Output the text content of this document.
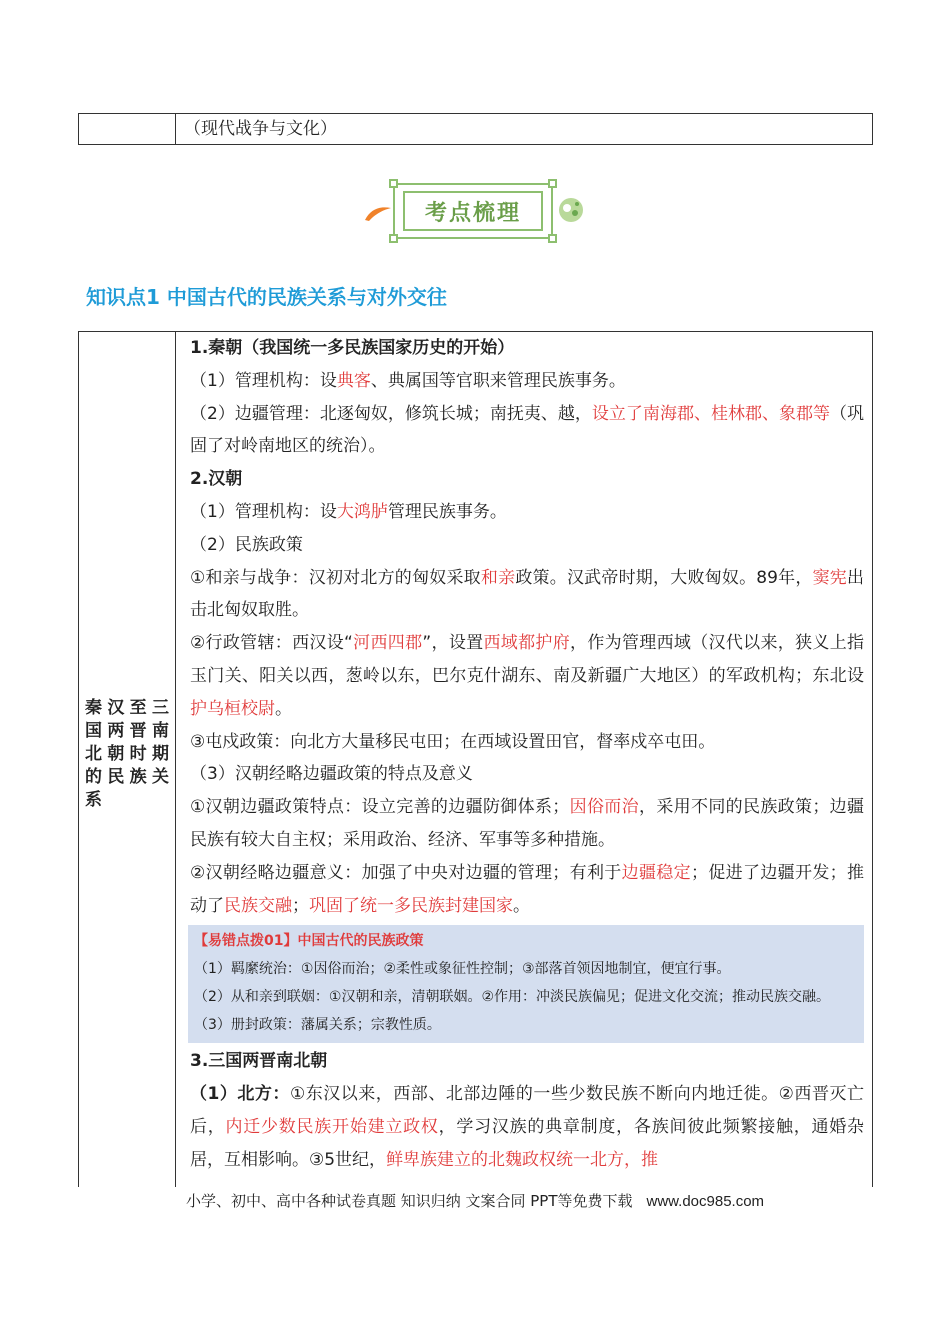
（现代战争与文化）
考点梳理
知识点1 中国古代的民族关系与对外交往
秦汉至三国两晋南北朝时期的民族关系

1.秦朝（我国统一多民族国家历史的开始）

（1）管理机构：设典客、典属国等官职来管理民族事务。

（2）边疆管理：北逐匈奴，修筑长城；南抚夷、越，设立了南海郡、桂林郡、象郡等（巩固了对岭南地区的统治）。

2.汉朝

（1）管理机构：设大鸿胪管理民族事务。

（2）民族政策

①和亲与战争：汉初对北方的匈奴采取和亲政策。汉武帝时期，大败匈奴。89年，窦宪出击北匈奴取胜。

②行政管辖：西汉设“河西四郡”，设置西域都护府，作为管理西域（汉代以来，狭义上指玉门关、阳关以西，葱岭以东，巴尔克什湖东、南及新疆广大地区）的军政机构；东北设护乌桓校尉。

③屯戍政策：向北方大量移民屯田；在西域设置田官，督率戍卒屯田。

（3）汉朝经略边疆政策的特点及意义

①汉朝边疆政策特点：设立完善的边疆防御体系；因俗而治，采用不同的民族政策；边疆民族有较大自主权；采用政治、经济、军事等多种措施。

②汉朝经略边疆意义：加强了中央对边疆的管理；有利于边疆稳定；促进了边疆开发；推动了民族交融；巩固了统一多民族封建国家。

【易错点拨01】中国古代的民族政策

（1）羁縻统治：①因俗而治；②柔性或象征性控制；③部落首领因地制宜，便宜行事。

（2）从和亲到联姻：①汉朝和亲，清朝联姻。②作用：冲淡民族偏见；促进文化交流；推动民族交融。

（3）册封政策：藩属关系；宗教性质。

3.三国两晋南北朝

（1）北方：①东汉以来，西部、北部边陲的一些少数民族不断向内地迁徙。②西晋灭亡后，内迁少数民族开始建立政权，学习汉族的典章制度，各族间彼此频繁接触，通婚杂居，互相影响。③5世纪，鲜卑族建立的北魏政权统一北方，推

小学、初中、高中各种试卷真题 知识归纳 文案合同 PPT等免费下载 www.doc985.com
